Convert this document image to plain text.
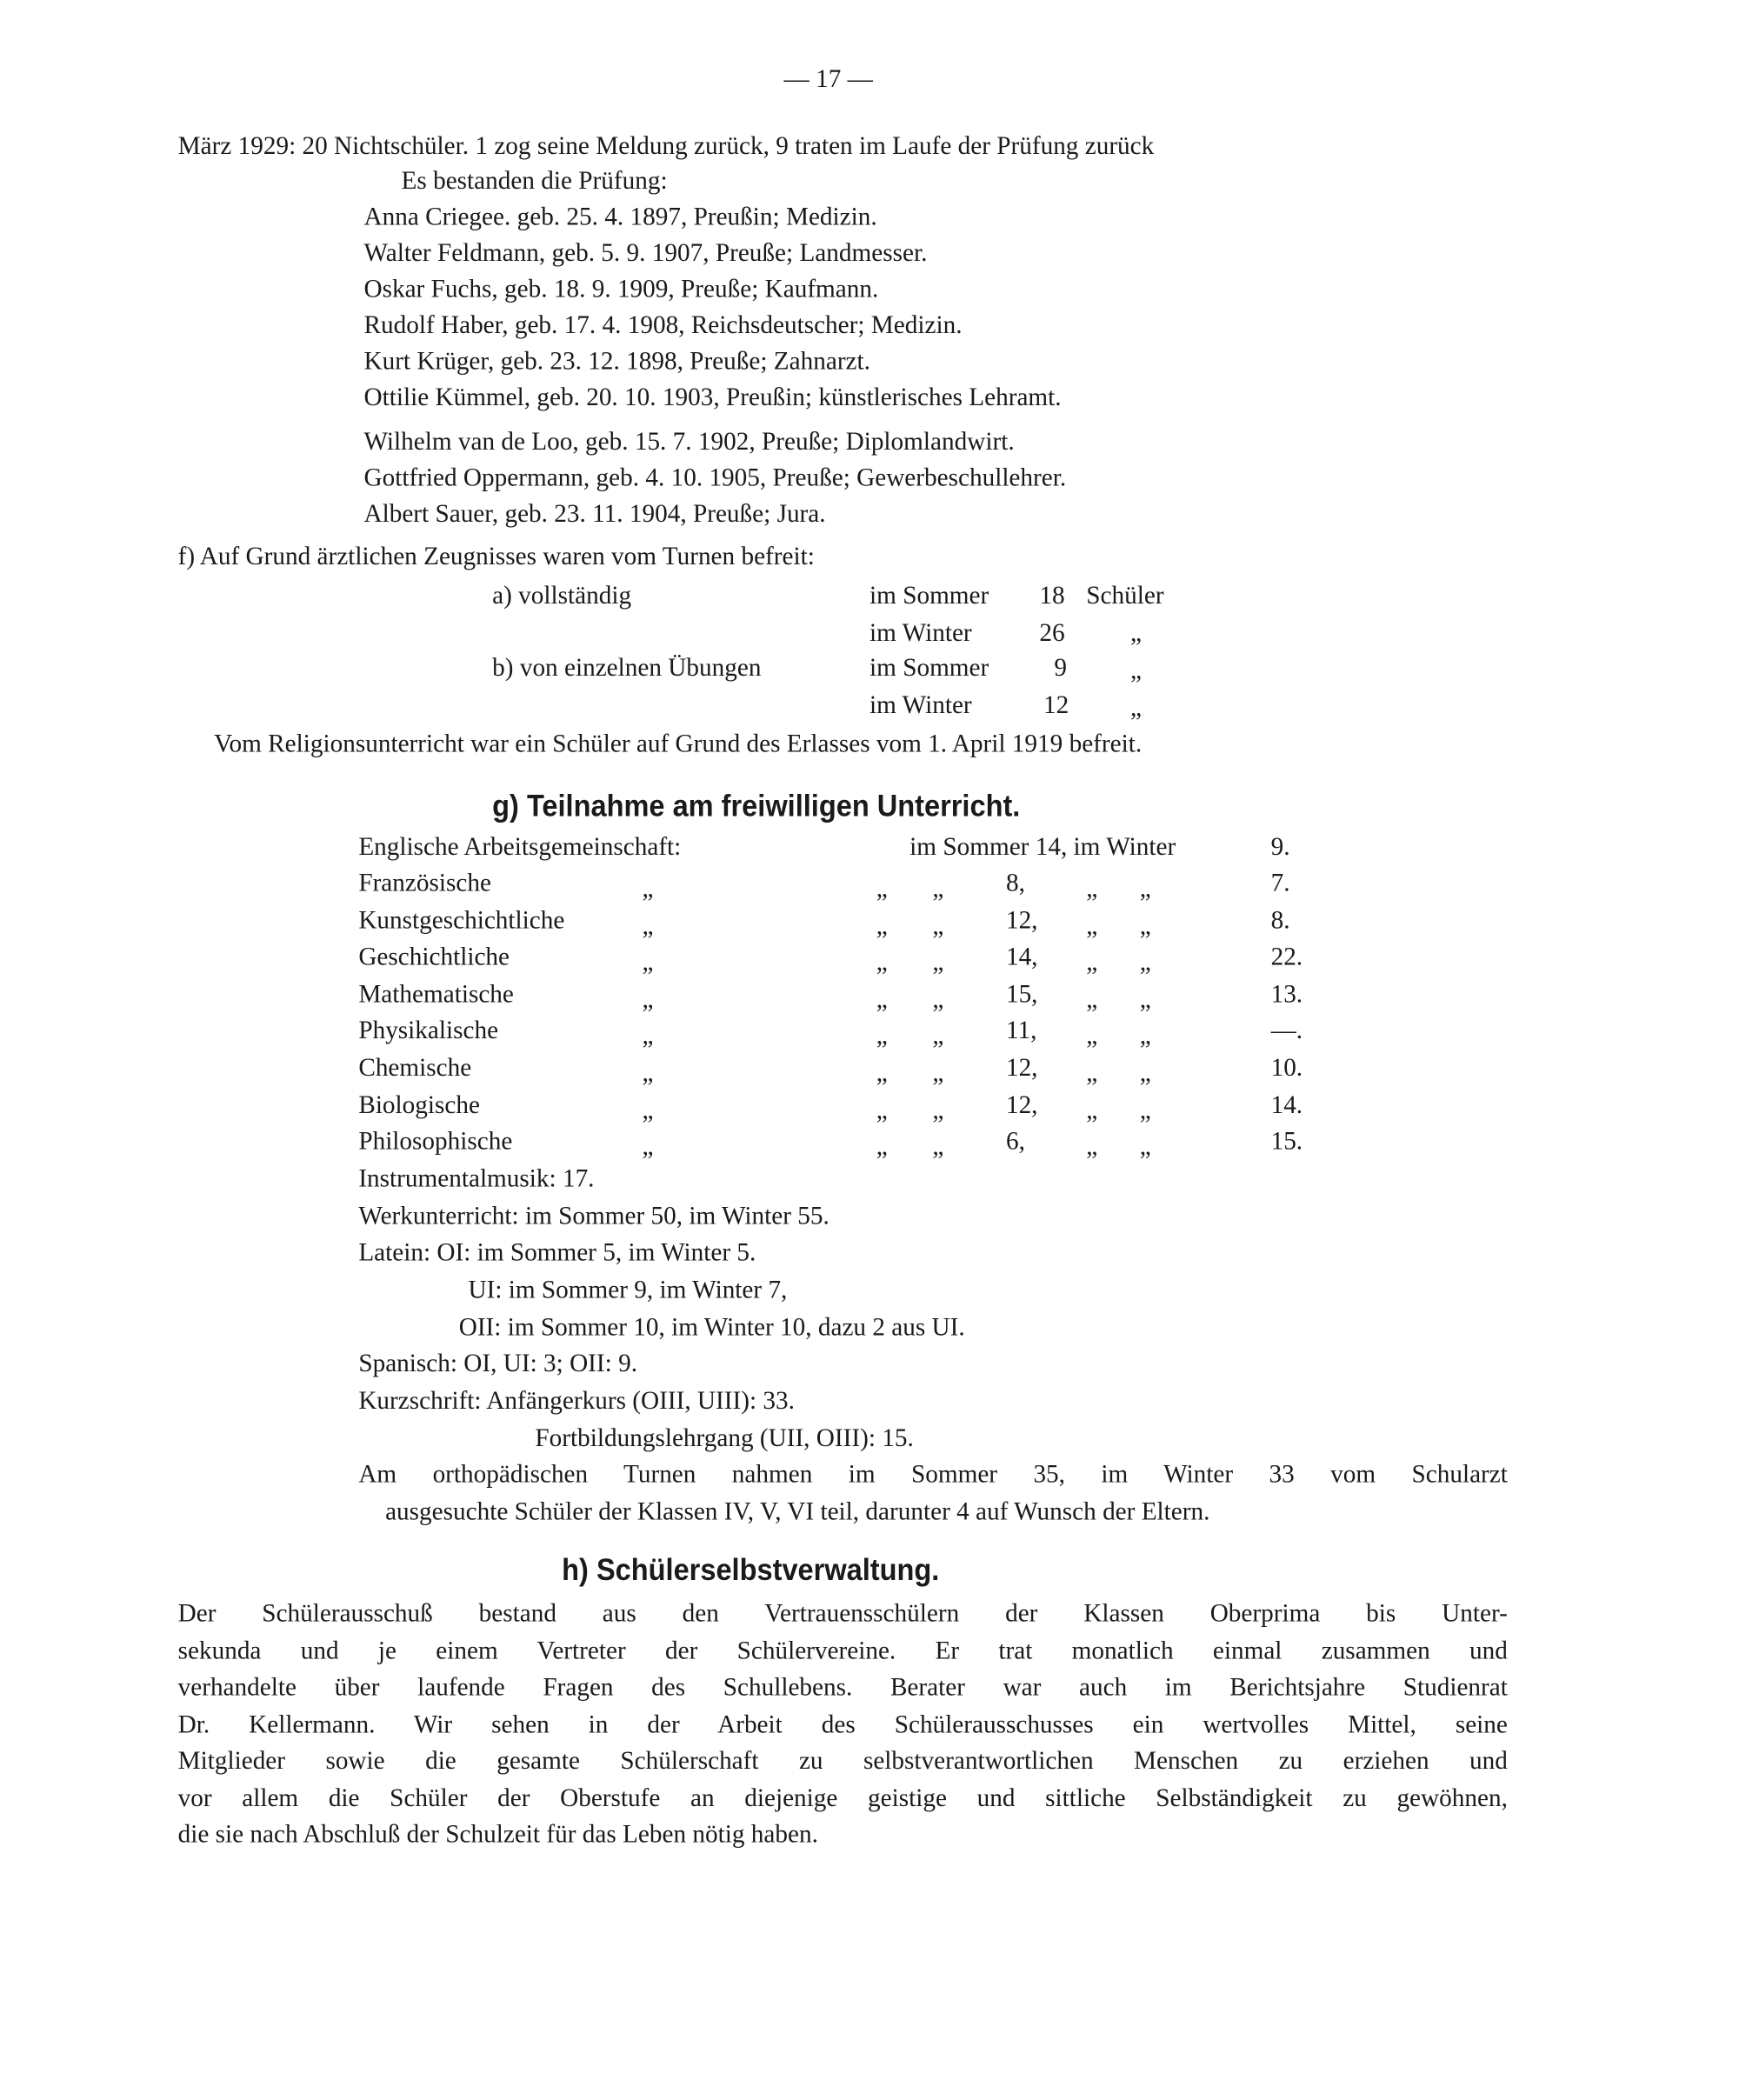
— 17 —
März 1929: 20 Nichtschüler. 1 zog seine Meldung zurück, 9 traten im Laufe der Prüfung zurück
Es bestanden die Prüfung:
Anna Criegee. geb. 25. 4. 1897, Preußin; Medizin.
Walter Feldmann, geb. 5. 9. 1907, Preuße; Landmesser.
Oskar Fuchs, geb. 18. 9. 1909, Preuße; Kaufmann.
Rudolf Haber, geb. 17. 4. 1908, Reichsdeutscher; Medizin.
Kurt Krüger, geb. 23. 12. 1898, Preuße; Zahnarzt.
Ottilie Kümmel, geb. 20. 10. 1903, Preußin; künstlerisches Lehramt.
Wilhelm van de Loo, geb. 15. 7. 1902, Preuße; Diplomlandwirt.
Gottfried Oppermann, geb. 4. 10. 1905, Preuße; Gewerbeschullehrer.
Albert Sauer, geb. 23. 11. 1904, Preuße; Jura.
f) Auf Grund ärztlichen Zeugnisses waren vom Turnen befreit:
a) vollständig	im Sommer	18 Schüler
im Winter	26	„
b) von einzelnen Übungen	im Sommer	9	„
im Winter	12	„
Vom Religionsunterricht war ein Schüler auf Grund des Erlasses vom 1. April 1919 befreit.
g) Teilnahme am freiwilligen Unterricht.
Englische Arbeitsgemeinschaft:	im Sommer 14, im Winter	9.
Französische	„	„	„	8,	„	„	7.
Kunstgeschichtliche	„	„	„	12,	„	„	8.
Geschichtliche	„	„	„	14,	„	„	22.
Mathematische	„	„	„	15,	„	„	13.
Physikalische	„	„	„	11,	„	„	—.
Chemische	„	„	„	12,	„	„	10.
Biologische	„	„	„	12,	„	„	14.
Philosophische	„	„	„	6,	„	„	15.
Instrumentalmusik: 17.
Werkunterricht: im Sommer 50, im Winter 55.
Latein: OI: im Sommer 5, im Winter 5.
UI: im Sommer 9, im Winter 7,
OII: im Sommer 10, im Winter 10, dazu 2 aus UI.
Spanisch: OI, UI: 3; OII: 9.
Kurzschrift: Anfängerkurs (OIII, UIII): 33.
Fortbildungslehrgang (UII, OIII): 15.
Am orthopädischen Turnen nahmen im Sommer 35, im Winter 33 vom Schularzt
ausgesuchte Schüler der Klassen IV, V, VI teil, darunter 4 auf Wunsch der Eltern.
h) Schülerselbstverwaltung.
Der Schülerausschuß bestand aus den Vertrauensschülern der Klassen Oberprima bis Unter-
sekunda und je einem Vertreter der Schülervereine. Er trat monatlich einmal zusammen und
verhandelte über laufende Fragen des Schullebens. Berater war auch im Berichtsjahre Studienrat
Dr. Kellermann. Wir sehen in der Arbeit des Schülerausschusses ein wertvolles Mittel, seine
Mitglieder sowie die gesamte Schülerschaft zu selbstverantwortlichen Menschen zu erziehen und
vor allem die Schüler der Oberstufe an diejenige geistige und sittliche Selbständigkeit zu gewöhnen,
die sie nach Abschluß der Schulzeit für das Leben nötig haben.
